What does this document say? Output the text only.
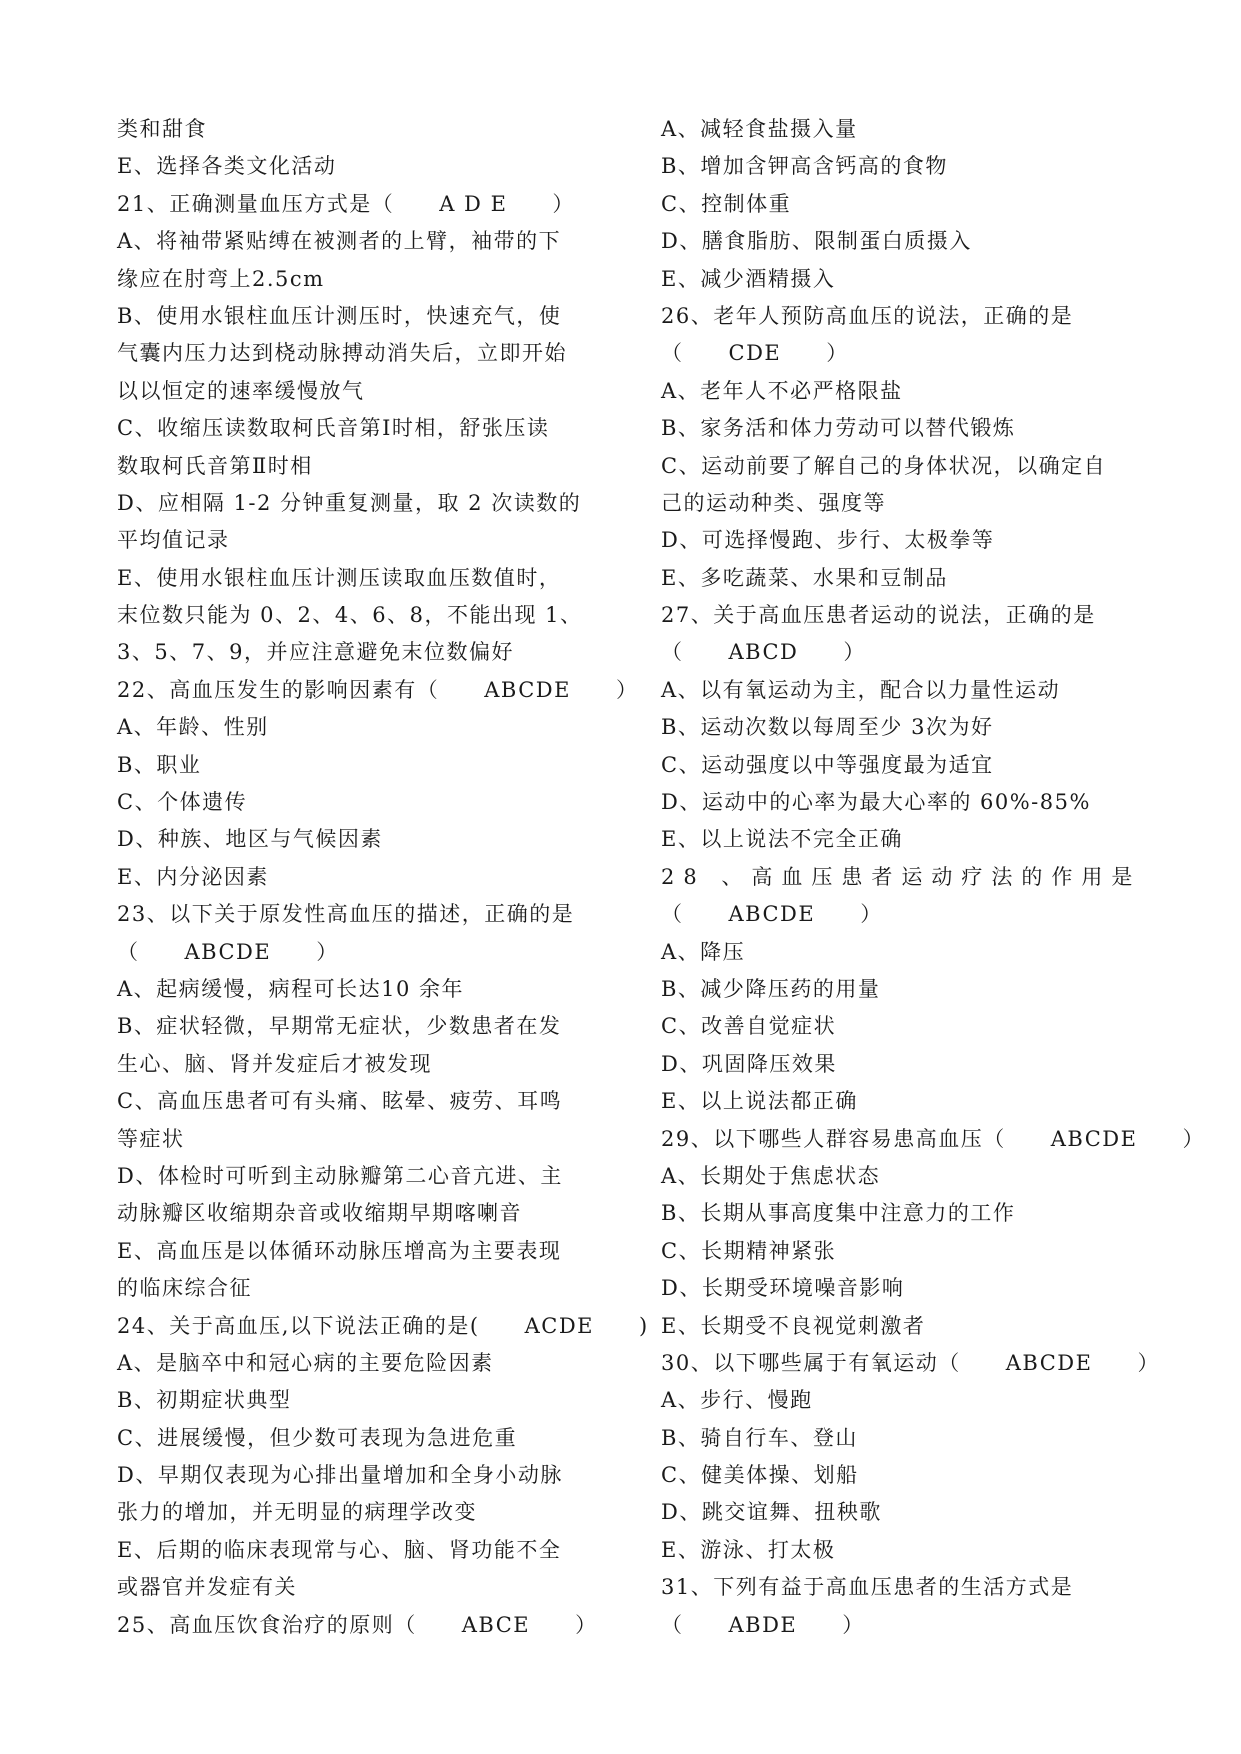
类和甜食
E、选择各类文化活动
21、正确测量血压方式是（　　A D E　　）
A、将袖带紧贴缚在被测者的上臂，袖带的下
缘应在肘弯上2.5cm
B、使用水银柱血压计测压时，快速充气，使
气囊内压力达到桡动脉搏动消失后，立即开始
以以恒定的速率缓慢放气
C、收缩压读数取柯氏音第Ⅰ时相，舒张压读
数取柯氏音第Ⅱ时相
D、应相隔 1-2 分钟重复测量，取 2 次读数的
平均值记录
E、使用水银柱血压计测压读取血压数值时，
末位数只能为 0、2、4、6、8，不能出现 1、
3、5、7、9，并应注意避免末位数偏好
22、高血压发生的影响因素有（　　ABCDE　　）
A、年龄、性别
B、职业
C、个体遗传
D、种族、地区与气候因素
E、内分泌因素
23、以下关于原发性高血压的描述，正确的是
（　　ABCDE　　）
A、起病缓慢，病程可长达10 余年
B、症状轻微，早期常无症状，少数患者在发
生心、脑、肾并发症后才被发现
C、高血压患者可有头痛、眩晕、疲劳、耳鸣
等症状
D、体检时可听到主动脉瓣第二心音亢进、主
动脉瓣区收缩期杂音或收缩期早期喀喇音
E、高血压是以体循环动脉压增高为主要表现
的临床综合征
24、关于高血压,以下说法正确的是(　　ACDE　　)
A、是脑卒中和冠心病的主要危险因素
B、初期症状典型
C、进展缓慢，但少数可表现为急进危重
D、早期仅表现为心排出量增加和全身小动脉
张力的增加，并无明显的病理学改变
E、后期的临床表现常与心、脑、肾功能不全
或器官并发症有关
25、高血压饮食治疗的原则（　　ABCE　　）
A、减轻食盐摄入量
B、增加含钾高含钙高的食物
C、控制体重
D、膳食脂肪、限制蛋白质摄入
E、减少酒精摄入
26、老年人预防高血压的说法，正确的是
（　　CDE　　）
A、老年人不必严格限盐
B、家务活和体力劳动可以替代锻炼
C、运动前要了解自己的身体状况，以确定自
己的运动种类、强度等
D、可选择慢跑、步行、太极拳等
E、多吃蔬菜、水果和豆制品
27、关于高血压患者运动的说法，正确的是
（　　ABCD　　）
A、以有氧运动为主，配合以力量性运动
B、运动次数以每周至少 3次为好
C、运动强度以中等强度最为适宜
D、运动中的心率为最大心率的 60%-85%
E、以上说法不完全正确
28 、高血压患者运动疗法的作用是
（　　ABCDE　　）
A、降压
B、减少降压药的用量
C、改善自觉症状
D、巩固降压效果
E、以上说法都正确
29、以下哪些人群容易患高血压（　　ABCDE　　）
A、长期处于焦虑状态
B、长期从事高度集中注意力的工作
C、长期精神紧张
D、长期受环境噪音影响
E、长期受不良视觉刺激者
30、以下哪些属于有氧运动（　　ABCDE　　）
A、步行、慢跑
B、骑自行车、登山
C、健美体操、划船
D、跳交谊舞、扭秧歌
E、游泳、打太极
31、下列有益于高血压患者的生活方式是
（　　ABDE　　）
